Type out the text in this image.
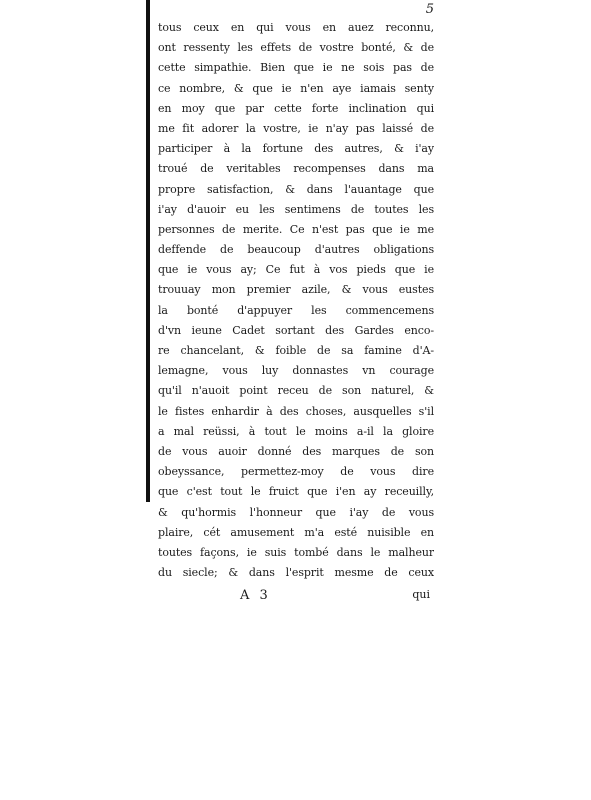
5
tous ceux en qui vous en auez reconnu,
ont ressenty les effets de vostre bonté, & de
cette simpathie. Bien que ie ne sois pas de
ce nombre, & que ie n'en aye iamais senty
en moy que par cette forte inclination qui
me fit adorer la vostre, ie n'ay pas laissé de
participer à la fortune des autres, & i'ay
troué de veritables recompenses dans ma
propre satisfaction, & dans l'auantage que
i'ay d'auoir eu les sentimens de toutes les
personnes de merite. Ce n'est pas que ie me
deffende de beaucoup d'autres obligations
que ie vous ay; Ce fut à vos pieds que ie
trouuay mon premier azile, & vous eustes
la bonté d'appuyer les commencemens
d'vn ieune Cadet sortant des Gardes enco-
re chancelant, & foible de sa famine d'A-
lemagne, vous luy donnastes vn courage
qu'il n'auoit point receu de son naturel, &
le fistes enhardir à des choses, ausquelles s'il
a mal reüssi, à tout le moins a-il la gloire
de vous auoir donné des marques de son
obeyssance, permettez-moy de vous dire
que c'est tout le fruict que i'en ay receuilly,
& qu'hormis l'honneur que i'ay de vous
plaire, cét amusement m'a esté nuisible en
toutes façons, ie suis tombé dans le malheur
du siecle; & dans l'esprit mesme de ceux
A 3	qui
